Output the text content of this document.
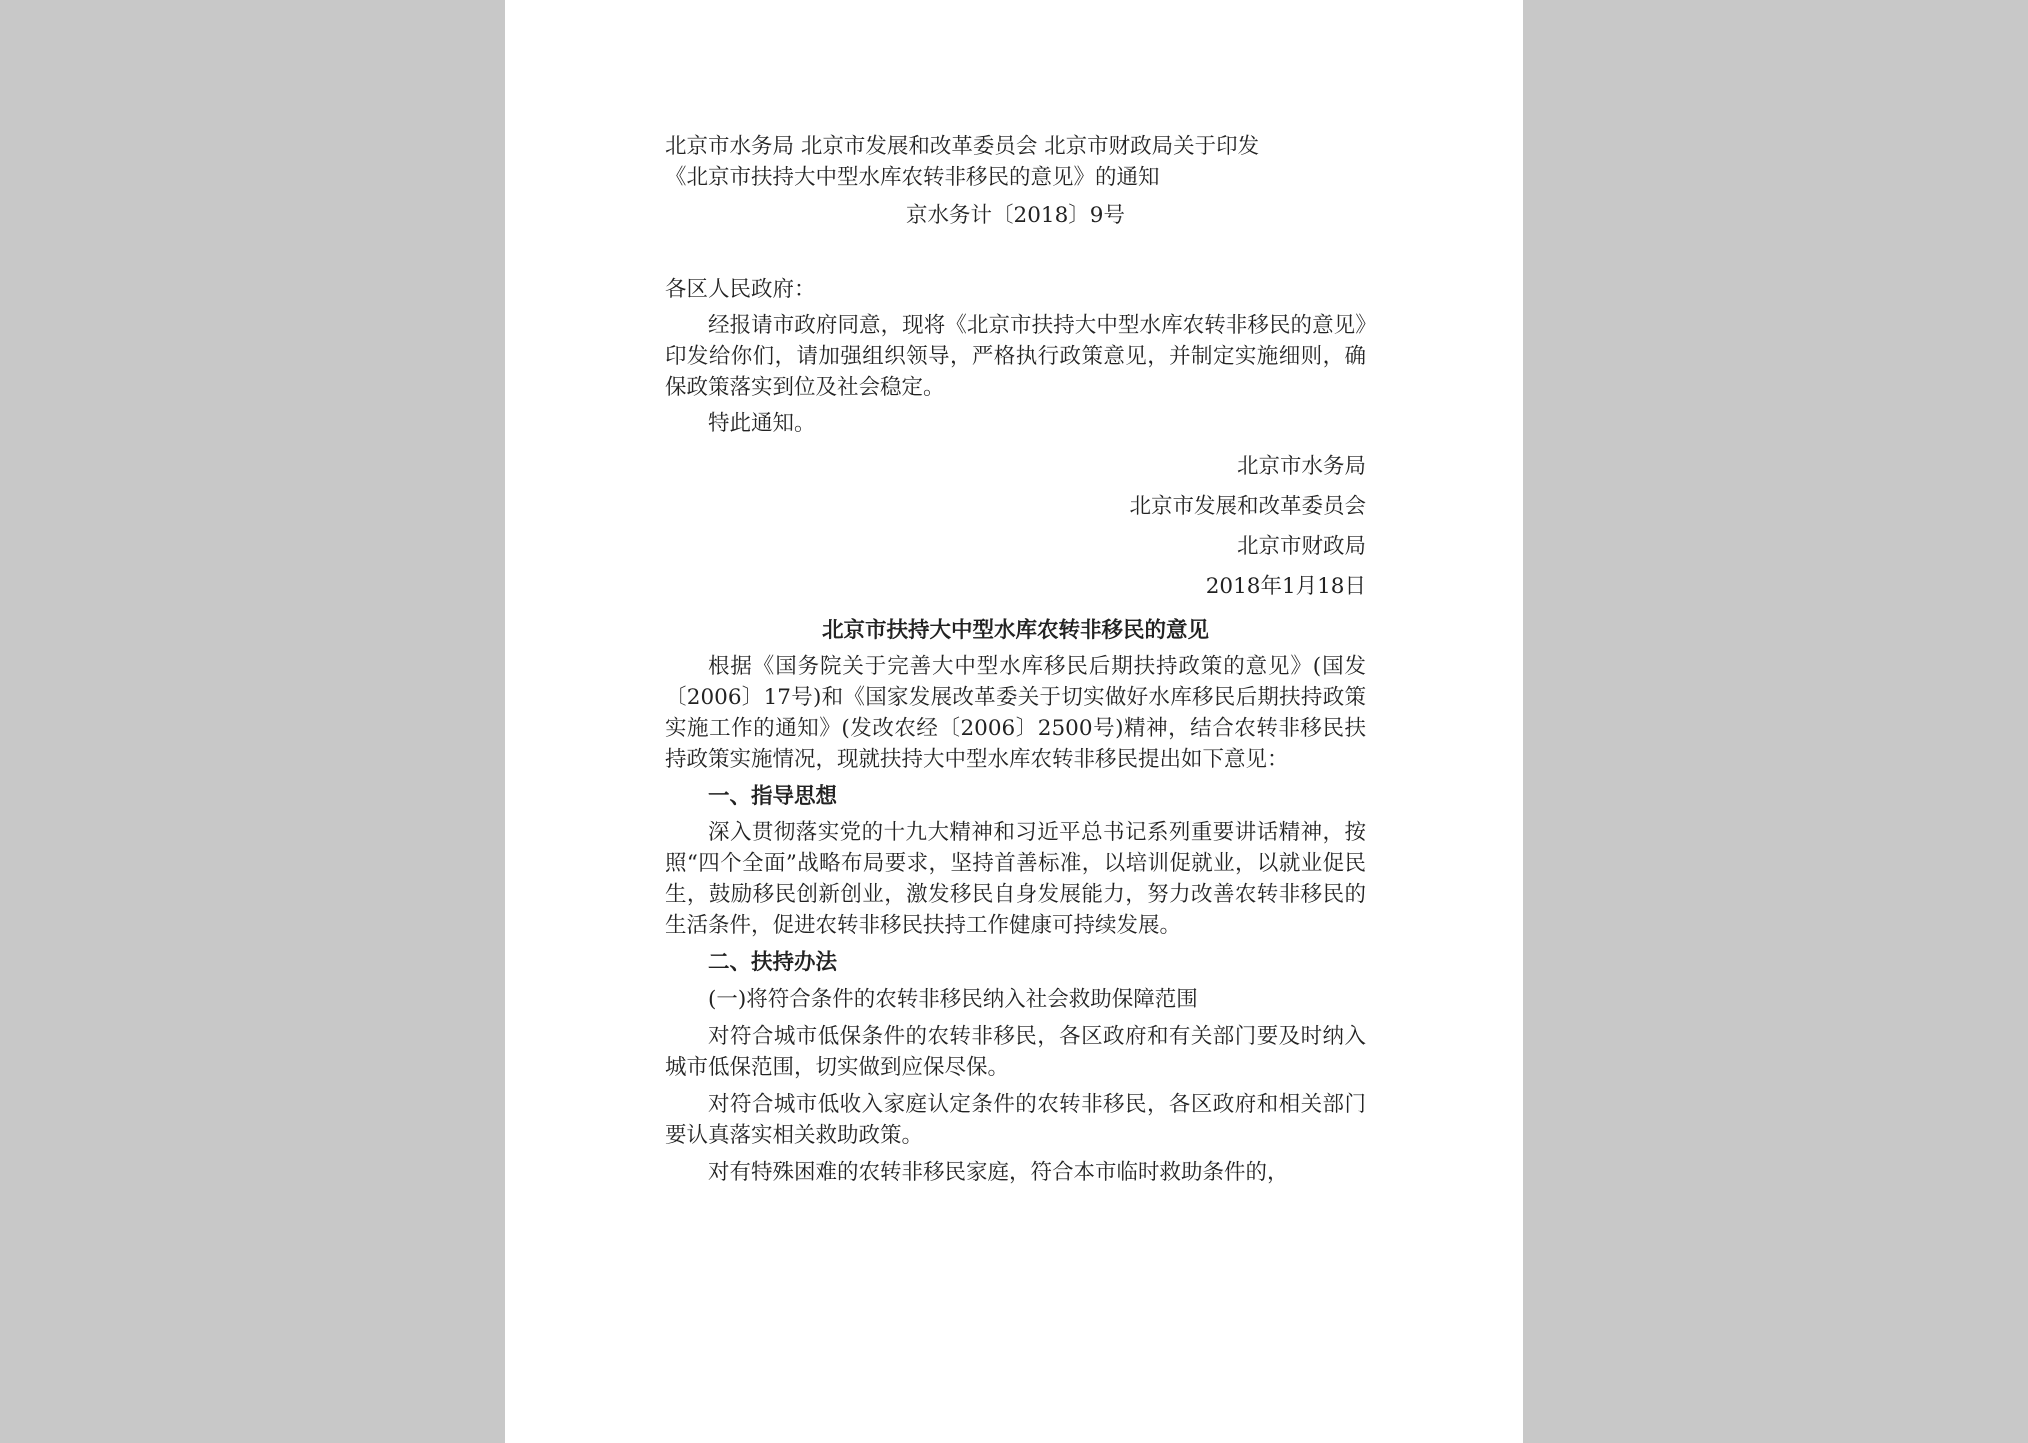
北京市水务局 北京市发展和改革委员会 北京市财政局关于印发

《北京市扶持大中型水库农转非移民的意见》的通知

京水务计〔2018〕9号

各区人民政府：

经报请市政府同意，现将《北京市扶持大中型水库农转非移民的意见》印发给你们，请加强组织领导，严格执行政策意见，并制定实施细则，确保政策落实到位及社会稳定。

特此通知。

北京市水务局
北京市发展和改革委员会
北京市财政局
2018年1月18日

北京市扶持大中型水库农转非移民的意见

根据《国务院关于完善大中型水库移民后期扶持政策的意见》(国发〔2006〕17号)和《国家发展改革委关于切实做好水库移民后期扶持政策实施工作的通知》(发改农经〔2006〕2500号)精神，结合农转非移民扶持政策实施情况，现就扶持大中型水库农转非移民提出如下意见：

一、指导思想

深入贯彻落实党的十九大精神和习近平总书记系列重要讲话精神，按照“四个全面”战略布局要求，坚持首善标准，以培训促就业，以就业促民生，鼓励移民创新创业，激发移民自身发展能力，努力改善农转非移民的生活条件，促进农转非移民扶持工作健康可持续发展。

二、扶持办法

(一)将符合条件的农转非移民纳入社会救助保障范围

对符合城市低保条件的农转非移民，各区政府和有关部门要及时纳入城市低保范围，切实做到应保尽保。

对符合城市低收入家庭认定条件的农转非移民，各区政府和相关部门要认真落实相关救助政策。

对有特殊困难的农转非移民家庭，符合本市临时救助条件的，
